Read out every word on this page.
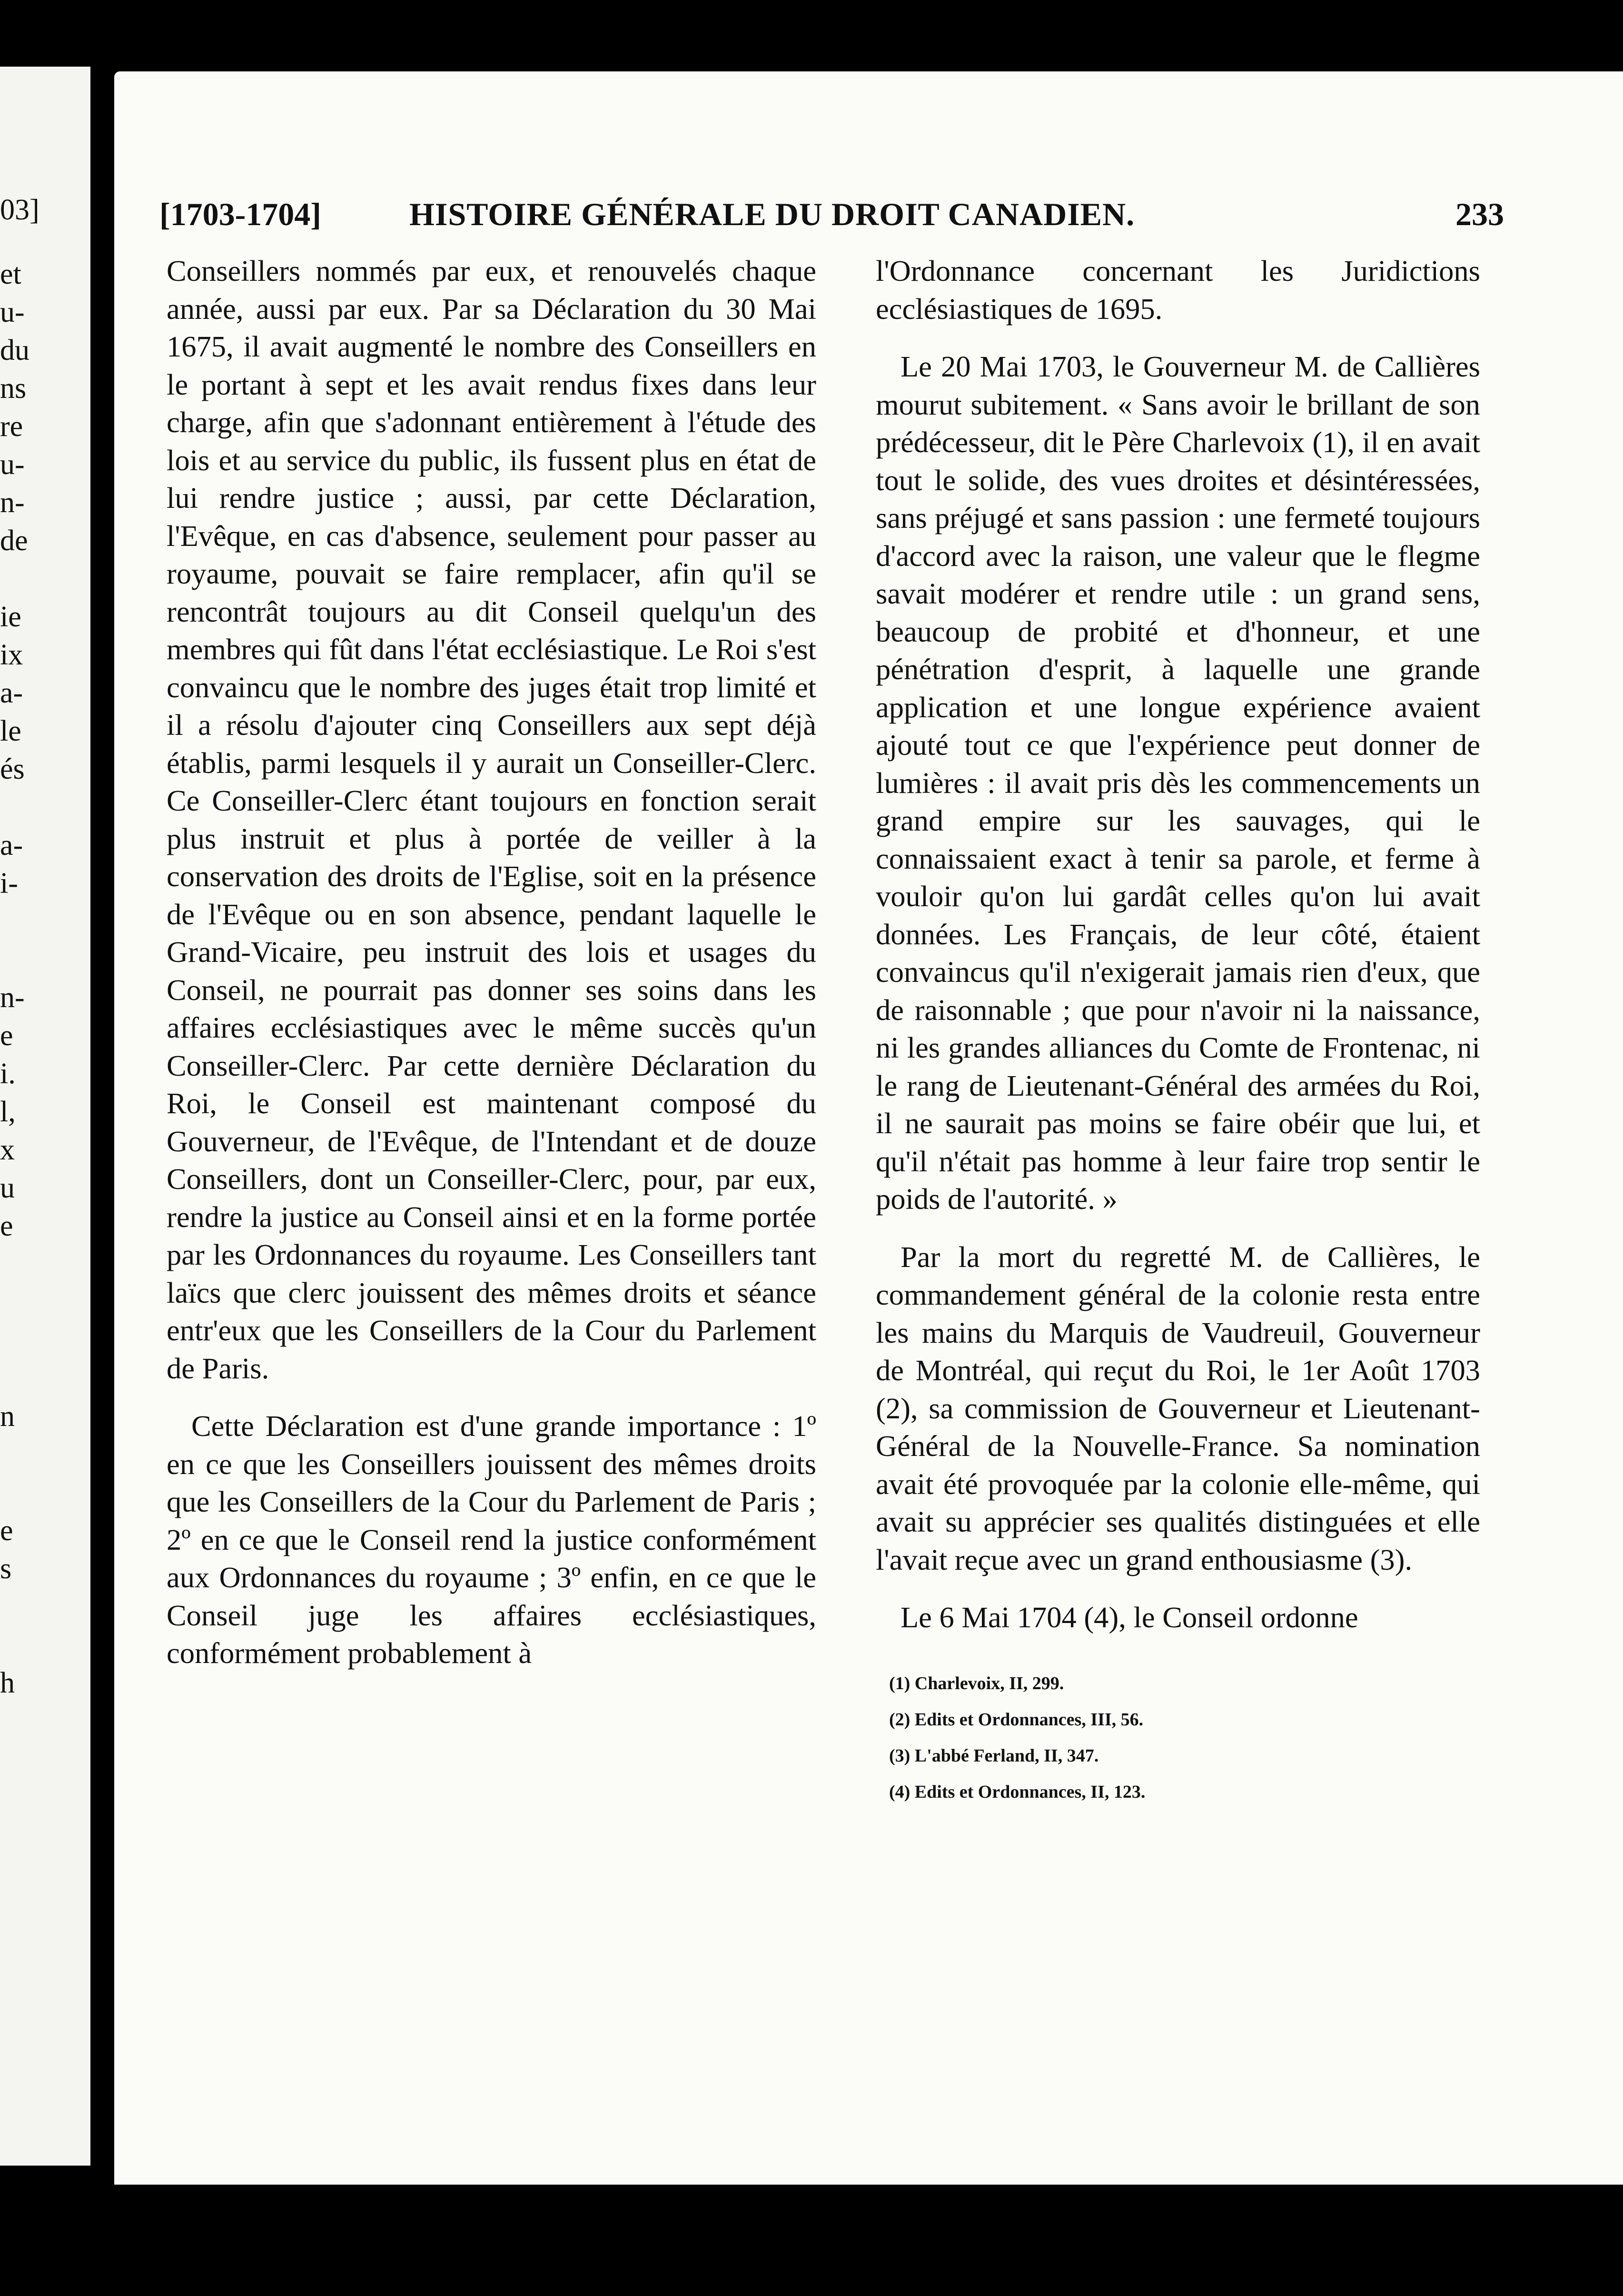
03]
et
u-
du
ns
re
u-
n-
de
ie
ix
a-
le
és
a-
i-
n-
e
i.
l,
x
u
e
n
e
s
h
[1703-1704]	HISTOIRE GÉNÉRALE DU DROIT CANADIEN.	233

Conseillers nommés par eux, et renouvelés chaque année, aussi par eux. Par sa Déclaration du 30 Mai 1675, il avait augmenté le nombre des Conseillers en le portant à sept et les avait rendus fixes dans leur charge, afin que s'adonnant entièrement à l'étude des lois et au service du public, ils fussent plus en état de lui rendre justice ; aussi, par cette Déclaration, l'Evêque, en cas d'absence, seulement pour passer au royaume, pouvait se faire remplacer, afin qu'il se rencontrât toujours au dit Conseil quelqu'un des membres qui fût dans l'état ecclésiastique. Le Roi s'est convaincu que le nombre des juges était trop limité et il a résolu d'ajouter cinq Conseillers aux sept déjà établis, parmi lesquels il y aurait un Conseiller-Clerc. Ce Conseiller-Clerc étant toujours en fonction serait plus instruit et plus à portée de veiller à la conservation des droits de l'Eglise, soit en la présence de l'Evêque ou en son absence, pendant laquelle le Grand-Vicaire, peu instruit des lois et usages du Conseil, ne pourrait pas donner ses soins dans les affaires ecclésiastiques avec le même succès qu'un Conseiller-Clerc. Par cette dernière Déclaration du Roi, le Conseil est maintenant composé du Gouverneur, de l'Evêque, de l'Intendant et de douze Conseillers, dont un Conseiller-Clerc, pour, par eux, rendre la justice au Conseil ainsi et en la forme portée par les Ordonnances du royaume. Les Conseillers tant laïcs que clerc jouissent des mêmes droits et séance entr'eux que les Conseillers de la Cour du Parlement de Paris.

Cette Déclaration est d'une grande importance : 1º en ce que les Conseillers jouissent des mêmes droits que les Conseillers de la Cour du Parlement de Paris ; 2º en ce que le Conseil rend la justice conformément aux Ordonnances du royaume ; 3º enfin, en ce que le Conseil juge les affaires ecclésiastiques, conformément probablement à

l'Ordonnance concernant les Juridictions ecclésiastiques de 1695.

Le 20 Mai 1703, le Gouverneur M. de Callières mourut subitement. « Sans avoir le brillant de son prédécesseur, dit le Père Charlevoix (1), il en avait tout le solide, des vues droites et désintéressées, sans préjugé et sans passion : une fermeté toujours d'accord avec la raison, une valeur que le flegme savait modérer et rendre utile : un grand sens, beaucoup de probité et d'honneur, et une pénétration d'esprit, à laquelle une grande application et une longue expérience avaient ajouté tout ce que l'expérience peut donner de lumières : il avait pris dès les commencements un grand empire sur les sauvages, qui le connaissaient exact à tenir sa parole, et ferme à vouloir qu'on lui gardât celles qu'on lui avait données. Les Français, de leur côté, étaient convaincus qu'il n'exigerait jamais rien d'eux, que de raisonnable ; que pour n'avoir ni la naissance, ni les grandes alliances du Comte de Frontenac, ni le rang de Lieutenant-Général des armées du Roi, il ne saurait pas moins se faire obéir que lui, et qu'il n'était pas homme à leur faire trop sentir le poids de l'autorité. »

Par la mort du regretté M. de Callières, le commandement général de la colonie resta entre les mains du Marquis de Vaudreuil, Gouverneur de Montréal, qui reçut du Roi, le 1er Août 1703 (2), sa commission de Gouverneur et Lieutenant-Général de la Nouvelle-France. Sa nomination avait été provoquée par la colonie elle-même, qui avait su apprécier ses qualités distinguées et elle l'avait reçue avec un grand enthousiasme (3).

Le 6 Mai 1704 (4), le Conseil ordonne

(1) Charlevoix, II, 299.
(2) Edits et Ordonnances, III, 56.
(3) L'abbé Ferland, II, 347.
(4) Edits et Ordonnances, II, 123.
